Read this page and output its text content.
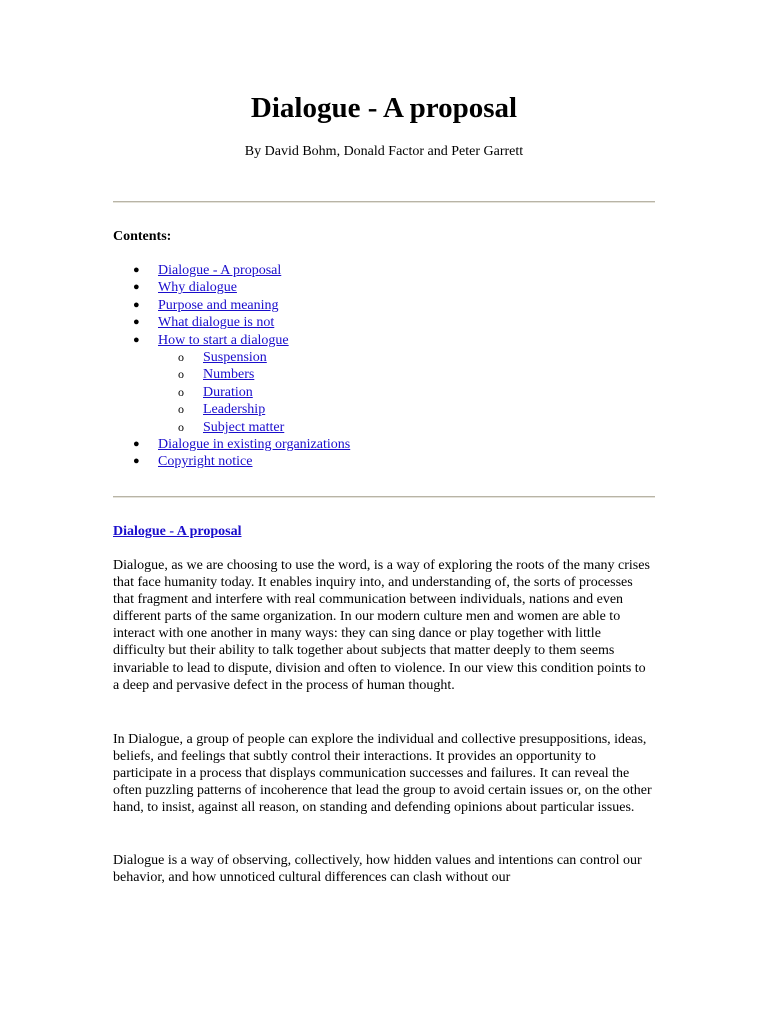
Dialogue - A proposal
By David Bohm, Donald Factor and Peter Garrett
Contents:
● Dialogue - A proposal
● Why dialogue
● Purpose and meaning
● What dialogue is not
● How to start a dialogue
o Suspension
o Numbers
o Duration
o Leadership
o Subject matter
● Dialogue in existing organizations
● Copyright notice
Dialogue - A proposal

Dialogue, as we are choosing to use the word, is a way of exploring the roots of the many crises that face humanity today. It enables inquiry into, and understanding of, the sorts of processes that fragment and interfere with real communication between individuals, nations and even different parts of the same organization. In our modern culture men and women are able to interact with one another in many ways: they can sing dance or play together with little difficulty but their ability to talk together about subjects that matter deeply to them seems invariable to lead to dispute, division and often to violence. In our view this condition points to a deep and pervasive defect in the process of human thought.

In Dialogue, a group of people can explore the individual and collective presuppositions, ideas, beliefs, and feelings that subtly control their interactions. It provides an opportunity to participate in a process that displays communication successes and failures. It can reveal the often puzzling patterns of incoherence that lead the group to avoid certain issues or, on the other hand, to insist, against all reason, on standing and defending opinions about particular issues.

Dialogue is a way of observing, collectively, how hidden values and intentions can control our behavior, and how unnoticed cultural differences can clash without our
